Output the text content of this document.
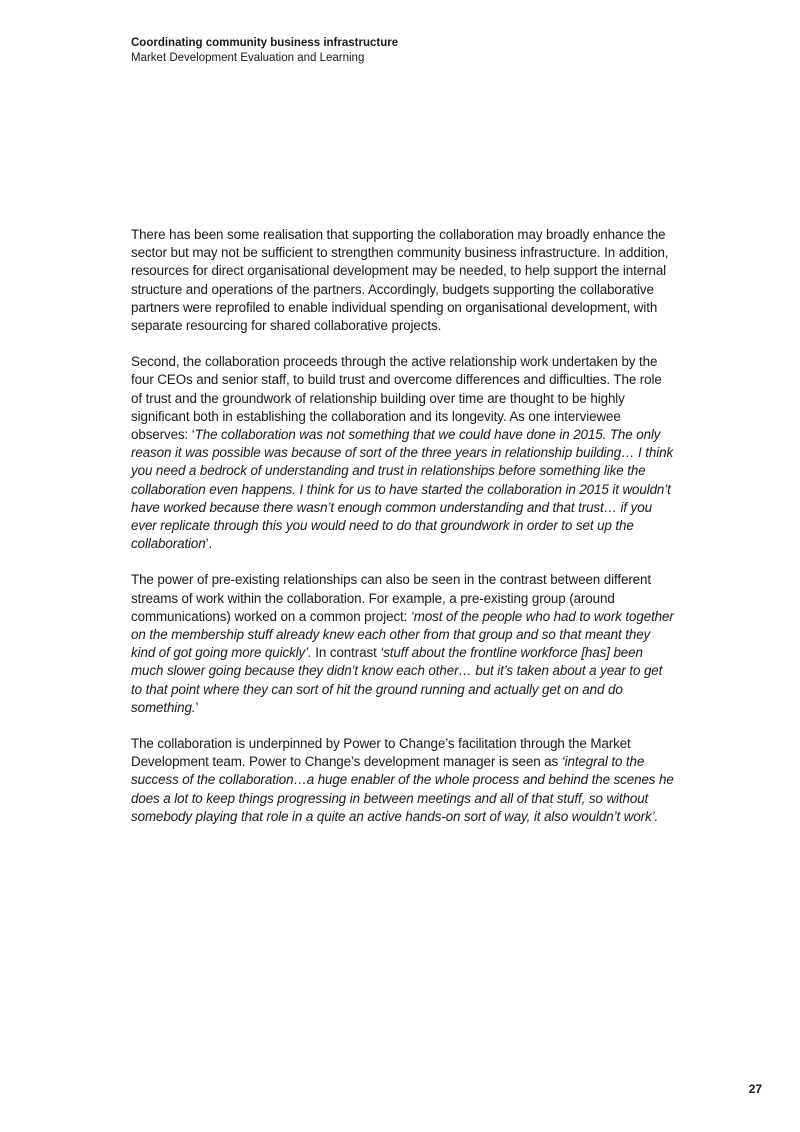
Coordinating community business infrastructure

Market Development Evaluation and Learning

There has been some realisation that supporting the collaboration may broadly enhance the sector but may not be sufficient to strengthen community business infrastructure. In addition, resources for direct organisational development may be needed, to help support the internal structure and operations of the partners. Accordingly, budgets supporting the collaborative partners were reprofiled to enable individual spending on organisational development, with separate resourcing for shared collaborative projects.

Second, the collaboration proceeds through the active relationship work undertaken by the four CEOs and senior staff, to build trust and overcome differences and difficulties. The role of trust and the groundwork of relationship building over time are thought to be highly significant both in establishing the collaboration and its longevity. As one interviewee observes: ‘The collaboration was not something that we could have done in 2015. The only reason it was possible was because of sort of the three years in relationship building… I think you need a bedrock of understanding and trust in relationships before something like the collaboration even happens. I think for us to have started the collaboration in 2015 it wouldn’t have worked because there wasn’t enough common understanding and that trust… if you ever replicate through this you would need to do that groundwork in order to set up the collaboration’.

The power of pre-existing relationships can also be seen in the contrast between different streams of work within the collaboration. For example, a pre-existing group (around communications) worked on a common project: ‘most of the people who had to work together on the membership stuff already knew each other from that group and so that meant they kind of got going more quickly’. In contrast ‘stuff about the frontline workforce [has] been much slower going because they didn’t know each other… but it’s taken about a year to get to that point where they can sort of hit the ground running and actually get on and do something.’

The collaboration is underpinned by Power to Change’s facilitation through the Market Development team. Power to Change’s development manager is seen as ‘integral to the success of the collaboration…a huge enabler of the whole process and behind the scenes he does a lot to keep things progressing in between meetings and all of that stuff, so without somebody playing that role in a quite an active hands-on sort of way, it also wouldn’t work’.

27
